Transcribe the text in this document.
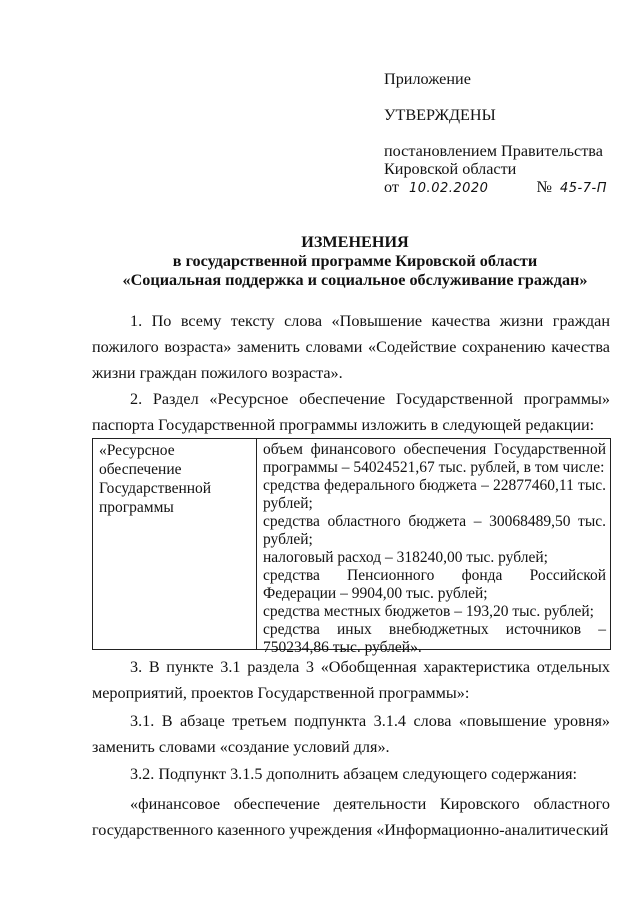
Приложение
УТВЕРЖДЕНЫ
постановлением Правительства
Кировской области
от 10.02.2020	№ 45-7-П
ИЗМЕНЕНИЯ
в государственной программе Кировской области
«Социальная поддержка и социальное обслуживание граждан»
1. По всему тексту слова «Повышение качества жизни граждан пожилого возраста» заменить словами «Содействие сохранению качества жизни граждан пожилого возраста».
2. Раздел «Ресурсное обеспечение Государственной программы» паспорта Государственной программы изложить в следующей редакции:
«Ресурсное обеспечение Государственной программы
объем финансового обеспечения Государственной программы – 54024521,67 тыс. рублей, в том числе:
средства федерального бюджета – 22877460,11 тыс. рублей;
средства областного бюджета – 30068489,50 тыс. рублей;
налоговый расход – 318240,00 тыс. рублей;
средства Пенсионного фонда Российской Федерации – 9904,00 тыс. рублей;
средства местных бюджетов – 193,20 тыс. рублей;
средства иных внебюджетных источников – 750234,86 тыс. рублей».
3. В пункте 3.1 раздела 3 «Обобщенная характеристика отдельных мероприятий, проектов Государственной программы»:
3.1. В абзаце третьем подпункта 3.1.4 слова «повышение уровня» заменить словами «создание условий для».
3.2. Подпункт 3.1.5 дополнить абзацем следующего содержания:
«финансовое обеспечение деятельности Кировского областного государственного казенного учреждения «Информационно-аналитический
